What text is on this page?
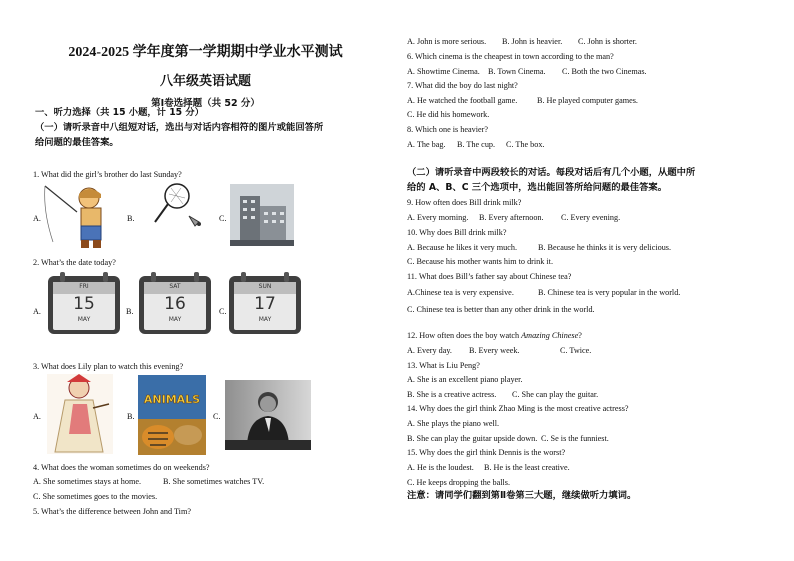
2024-2025 学年度第一学期期中学业水平测试
八年级英语试题
第Ⅰ卷选择题（共 52 分）
一、听力选择（共 15 小题，计 15 分）
（一）请听录音中八组短对话，选出与对话内容相符的图片或能回答所
给问题的最佳答案。
1. What did the girl’s brother do last Sunday?
A.	B.	C.
2. What’s the date today?
A.	B.	C.
FRI
15
MAY
SAT
16
MAY
SUN
17
MAY
3. What does Lily plan to watch this evening?
A.	B.
ANIMALS
C.
4. What does the woman sometimes do on weekends?
A. She sometimes stays at home.	B. She sometimes watches TV.
C. She sometimes goes to the movies.
5. What’s the difference between John and Tim?
A. John is more serious. B. John is heavier. C. John is shorter.
6. Which cinema is the cheapest in town according to the man?
A. Showtime Cinema. B. Town Cinema. C. Both the two Cinemas.
7. What did the boy do last night?
A. He watched the football game. B. He played computer games.
C. He did his homework.
8. Which one is heavier?
A. The bag. B. The cup. C. The box.
（二）请听录音中两段较长的对话。每段对话后有几个小题，从题中所
给的 A、B、C 三个选项中，选出能回答所给问题的最佳答案。
9. How often does Bill drink milk?
A. Every morning. B. Every afternoon. C. Every evening.
10. Why does Bill drink milk?
A. Because he likes it very much.	B. Because he thinks it is very delicious.
C. Because his mother wants him to drink it.
11. What does Bill’s father say about Chinese tea?
A.Chinese tea is very expensive.	B. Chinese tea is very popular in the world.
C. Chinese tea is better than any other drink in the world.
12. How often does the boy watch Amazing Chinese?
A. Every day. B. Every week.	C. Twice.
13. What is Liu Peng?
A. She is an excellent piano player.
B. She is a creative actress. C. She can play the guitar.
14. Why does the girl think Zhao Ming is the most creative actress?
A. She plays the piano well.
B. She can play the guitar upside down. C. Se is the funniest.
15. Why does the girl think Dennis is the worst?
A. He is the loudest. B. He is the least creative.
C. He keeps dropping the balls.
注意：请同学们翻到第Ⅱ卷第三大题，继续做听力填词。
